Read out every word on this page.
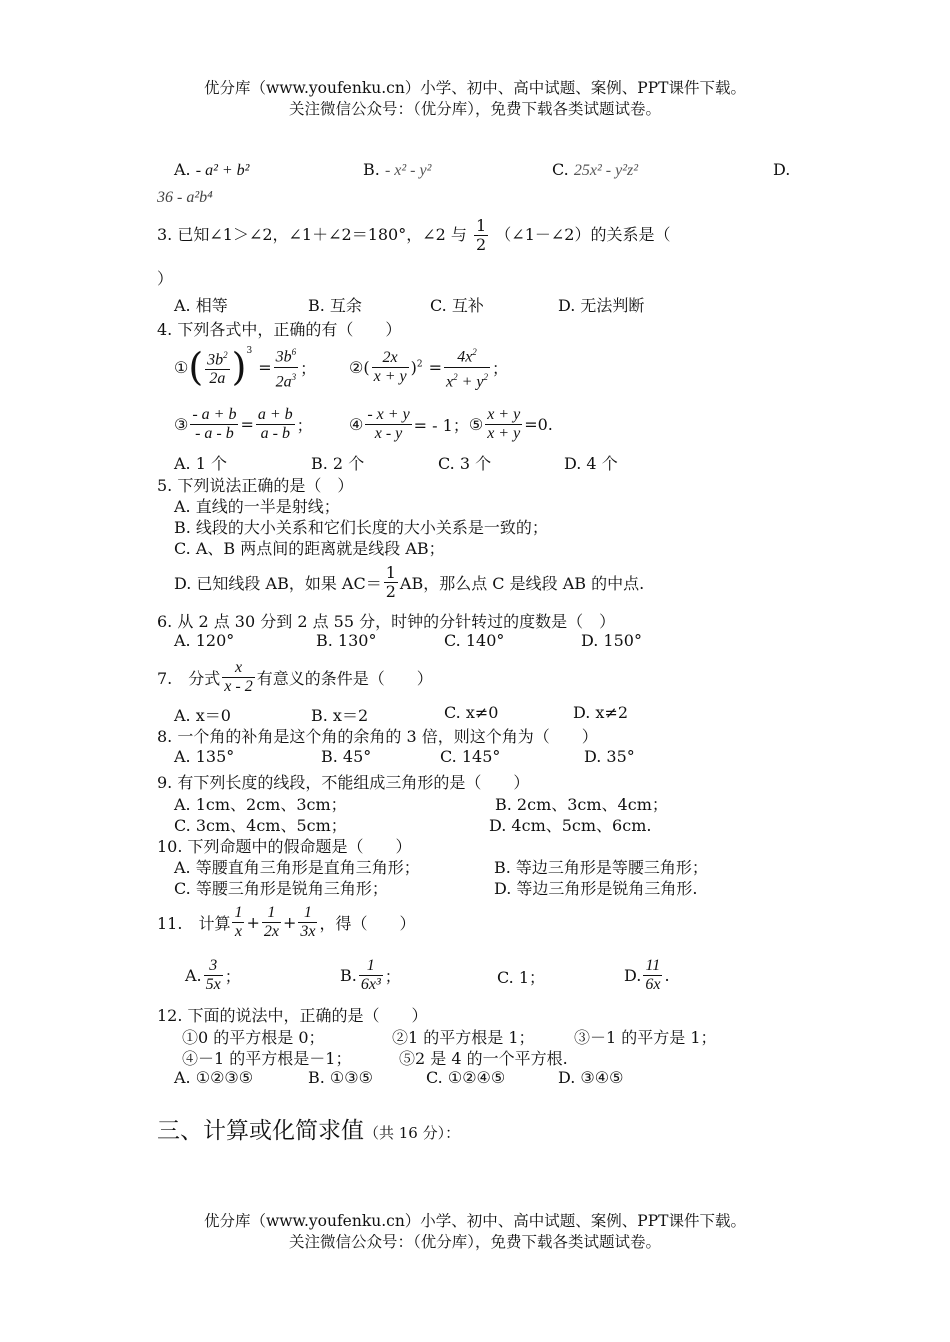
优分库（www.youfenku.cn）小学、初中、高中试题、案例、PPT课件下载。
关注微信公众号：（优分库），免费下载各类试题试卷。
A. - a² + b²	B. - x² - y²	C. 25x² - y²z²	D.
36 - a²b⁴
3. 已知∠1＞∠2，∠1＋∠2＝180°，∠2 与 $\frac{1}{2}$ （∠1－∠2）的关系是（
）
A. 相等	B. 互余	C. 互补	D. 无法判断
4. 下列各式中，正确的有（　　）
① ( $\frac{3b^2}{2a} )^3$
= $\frac{3b^6}{2a^3}$ ； ② ( $\frac{2x}{x + y} )^2 = \frac{4x^2}{x^2 + y^2}$ ；
③ $\frac{- a + b}{- a - b} = \frac{a + b}{a - b}$ ； ④ $\frac{- x + y}{x - y}$ = - 1； ⑤ $\frac{x + y}{x + y} =0$.
A. 1 个	B. 2 个	C. 3 个	D. 4 个
5. 下列说法正确的是（　）
A. 直线的一半是射线；
B. 线段的大小关系和它们长度的大小关系是一致的；
C. A、B 两点间的距离就是线段 AB；
D. 已知线段 AB，如果 $AC= \frac{1}{2}$ AB，那么点 C 是线段 AB 的中点.
6. 从 2 点 30 分到 2 点 55 分，时钟的分针转过的度数是（　）
A. 120°	B. 130°	C. 140°	D. 150°
7.　分式 $\frac{x}{x - 2}$ 有意义的条件是（　　）
A. x＝0	B. x＝2	C. x≠0	D. x≠2
8. 一个角的补角是这个角的余角的 3 倍，则这个角为（　　）
A. 135°	B. 45°	C. 145°	D. 35°
9. 有下列长度的线段，不能组成三角形的是（　　）
A. 1cm、2cm、3cm；	B. 2cm、3cm、4cm；
C. 3cm、4cm、5cm；	D. 4cm、5cm、6cm.
10. 下列命题中的假命题是（　　）
A. 等腰直角三角形是直角三角形；	B. 等边三角形是等腰三角形；
C. 等腰三角形是锐角三角形；	D. 等边三角形是锐角三角形.
11.　计算 $\frac{1}{x} + \frac{1}{2x} + \frac{1}{3x}$ ，得（　　）
A. $\frac{3}{5x}$ ；	B. $\frac{1}{\text{6x³}}$ ；	C. 1；	D. $\frac{11}{6x}$ .
12. 下面的说法中，正确的是（　　）
①0 的平方根是 0；	②1 的平方根是 1； ③－1 的平方是 1；
④－1 的平方根是－1；	⑤2 是 4 的一个平方根.
A. ①②③⑤	B. ①③⑤	C. ①②④⑤	D. ③④⑤
三、计算或化简求值（共 16 分）：
优分库（www.youfenku.cn）小学、初中、高中试题、案例、PPT课件下载。
关注微信公众号：（优分库），免费下载各类试题试卷。
